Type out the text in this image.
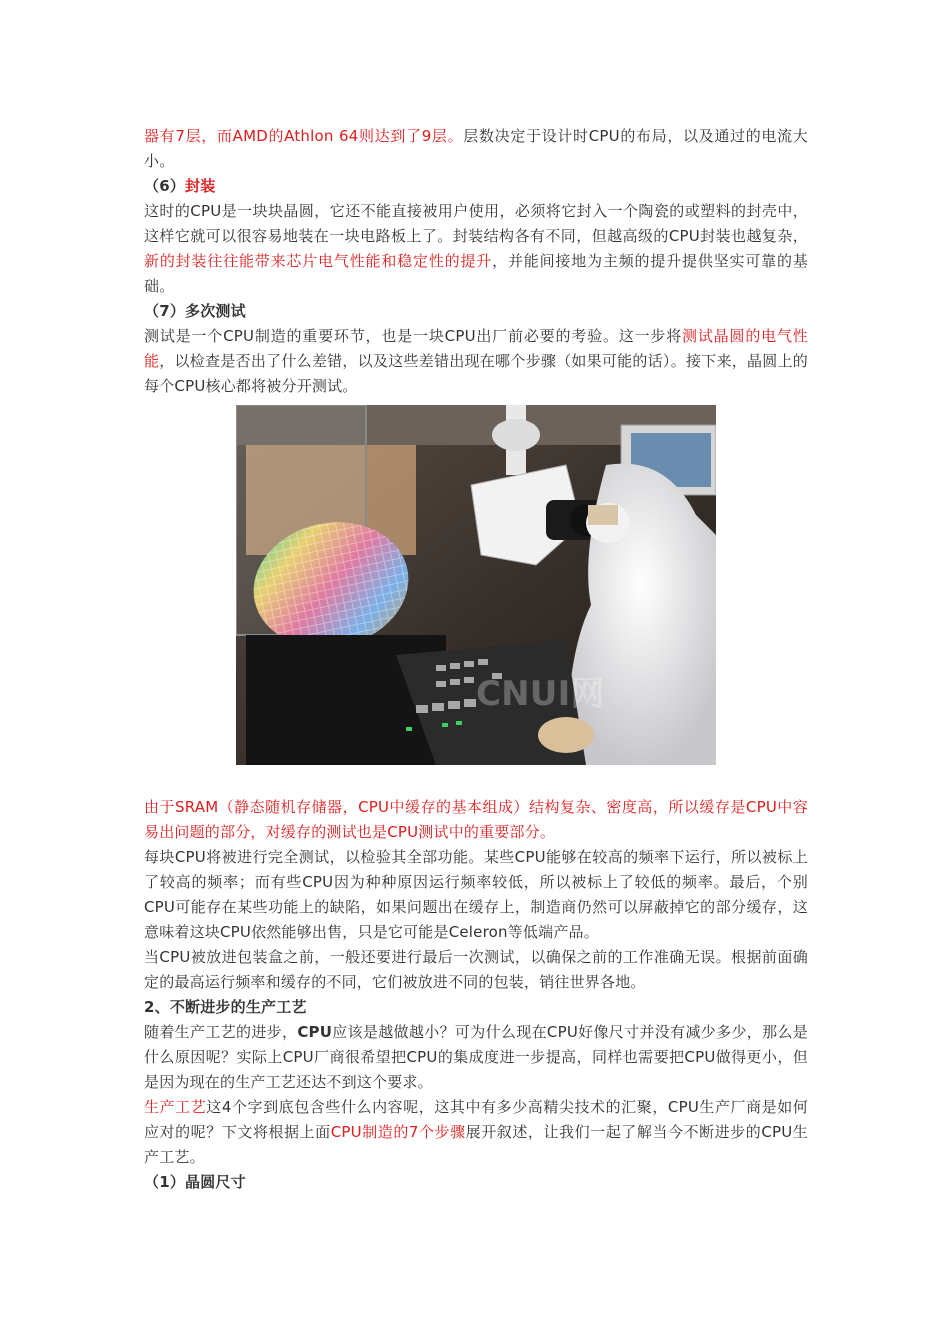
器有7层，而AMD的Athlon 64则达到了9层。层数决定于设计时CPU的布局，以及通过的电流大小。

（6）封装

这时的CPU是一块块晶圆，它还不能直接被用户使用，必须将它封入一个陶瓷的或塑料的封壳中，这样它就可以很容易地装在一块电路板上了。封装结构各有不同，但越高级的CPU封装也越复杂，新的封装往往能带来芯片电气性能和稳定性的提升，并能间接地为主频的提升提供坚实可靠的基础。

（7）多次测试

测试是一个CPU制造的重要环节，也是一块CPU出厂前必要的考验。这一步将测试晶圆的电气性能，以检查是否出了什么差错，以及这些差错出现在哪个步骤（如果可能的话）。接下来，晶圆上的每个CPU核心都将被分开测试。

CNUI网

由于SRAM（静态随机存储器，CPU中缓存的基本组成）结构复杂、密度高，所以缓存是CPU中容易出问题的部分，对缓存的测试也是CPU测试中的重要部分。

每块CPU将被进行完全测试，以检验其全部功能。某些CPU能够在较高的频率下运行，所以被标上了较高的频率；而有些CPU因为种种原因运行频率较低，所以被标上了较低的频率。最后，个别CPU可能存在某些功能上的缺陷，如果问题出在缓存上，制造商仍然可以屏蔽掉它的部分缓存，这意味着这块CPU依然能够出售，只是它可能是Celeron等低端产品。

当CPU被放进包装盒之前，一般还要进行最后一次测试，以确保之前的工作准确无误。根据前面确定的最高运行频率和缓存的不同，它们被放进不同的包装，销往世界各地。

2、不断进步的生产工艺

随着生产工艺的进步，CPU应该是越做越小？可为什么现在CPU好像尺寸并没有减少多少，那么是什么原因呢？实际上CPU厂商很希望把CPU的集成度进一步提高，同样也需要把CPU做得更小，但是因为现在的生产工艺还达不到这个要求。

生产工艺这4个字到底包含些什么内容呢，这其中有多少高精尖技术的汇聚，CPU生产厂商是如何应对的呢？下文将根据上面CPU制造的7个步骤展开叙述，让我们一起了解当今不断进步的CPU生产工艺。

（1）晶圆尺寸
